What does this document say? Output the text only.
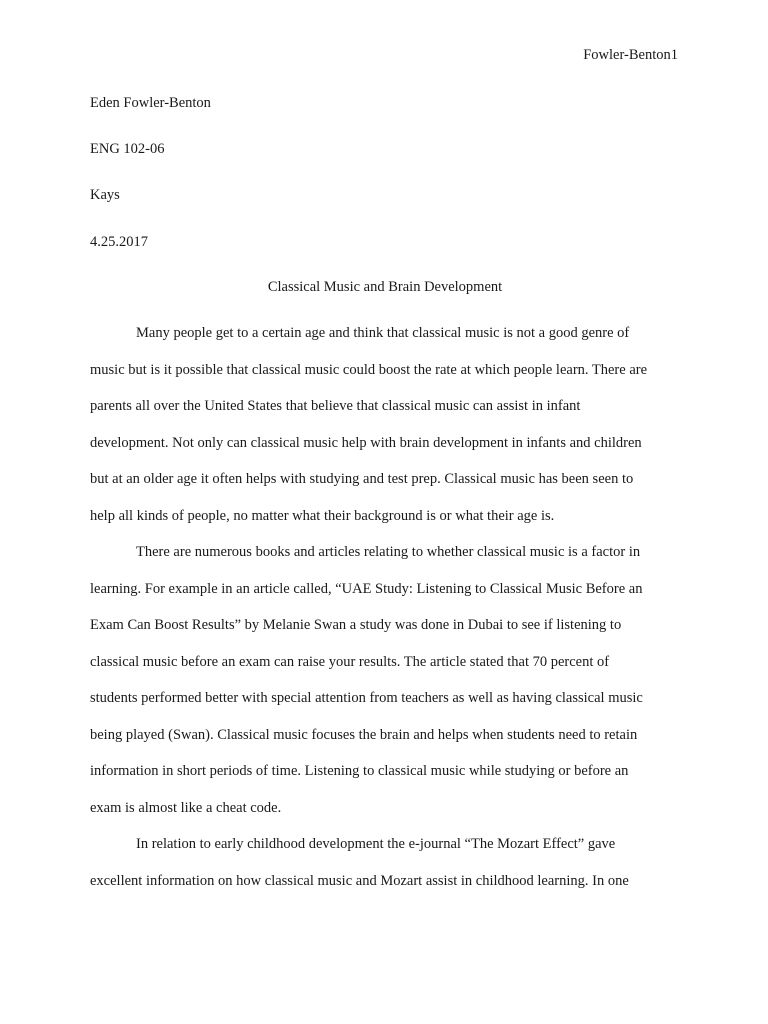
Fowler-Benton1
Eden Fowler-Benton
ENG 102-06
Kays
4.25.2017
Classical Music and Brain Development
Many people get to a certain age and think that classical music is not a good genre of
music but is it possible that classical music could boost the rate at which people learn. There are
parents all over the United States that believe that classical music can assist in infant
development. Not only can classical music help with brain development in infants and children
but at an older age it often helps with studying and test prep. Classical music has been seen to
help all kinds of people, no matter what their background is or what their age is.
There are numerous books and articles relating to whether classical music is a factor in
learning. For example in an article called, “UAE Study: Listening to Classical Music Before an
Exam Can Boost Results” by Melanie Swan a study was done in Dubai to see if listening to
classical music before an exam can raise your results. The article stated that 70 percent of
students performed better with special attention from teachers as well as having classical music
being played (Swan). Classical music focuses the brain and helps when students need to retain
information in short periods of time. Listening to classical music while studying or before an
exam is almost like a cheat code.
In relation to early childhood development the e-journal “The Mozart Effect” gave
excellent information on how classical music and Mozart assist in childhood learning. In one
